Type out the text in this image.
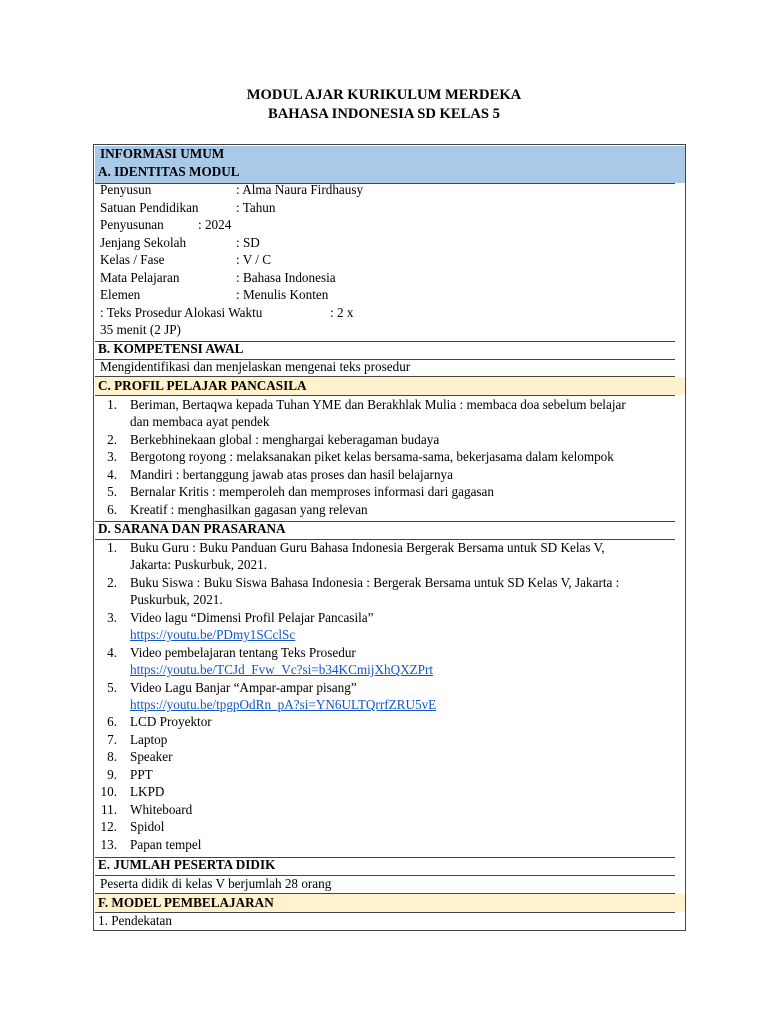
MODUL AJAR KURIKULUM MERDEKA
BAHASA INDONESIA SD KELAS 5
INFORMASI UMUM
A. IDENTITAS MODUL
Penyusun	: Alma Naura Firdhausy
Satuan Pendidikan	: Tahun
Penyusunan	: 2024
Jenjang Sekolah	: SD
Kelas / Fase	: V / C
Mata Pelajaran	: Bahasa Indonesia
Elemen	: Menulis Konten
: Teks Prosedur Alokasi Waktu	: 2 x
35 menit (2 JP)
B. KOMPETENSI AWAL
Mengidentifikasi dan menjelaskan mengenai teks prosedur
C. PROFIL PELAJAR PANCASILA
1. Beriman, Bertaqwa kepada Tuhan YME dan Berakhlak Mulia : membaca doa sebelum belajar
dan membaca ayat pendek
2. Berkebhinekaan global : menghargai keberagaman budaya
3. Bergotong royong : melaksanakan piket kelas bersama-sama, bekerjasama dalam kelompok
4. Mandiri : bertanggung jawab atas proses dan hasil belajarnya
5. Bernalar Kritis : memperoleh dan memproses informasi dari gagasan
6. Kreatif : menghasilkan gagasan yang relevan
D. SARANA DAN PRASARANA
1. Buku Guru : Buku Panduan Guru Bahasa Indonesia Bergerak Bersama untuk SD Kelas V,
Jakarta: Puskurbuk, 2021.
2. Buku Siswa : Buku Siswa Bahasa Indonesia : Bergerak Bersama untuk SD Kelas V, Jakarta :
Puskurbuk, 2021.
3. Video lagu “Dimensi Profil Pelajar Pancasila”
https://youtu.be/PDmy1SCclSc
4. Video pembelajaran tentang Teks Prosedur
https://youtu.be/TCJd_Fvw_Vc?si=b34KCmijXhQXZPrt
5. Video Lagu Banjar “Ampar-ampar pisang”
https://youtu.be/tpgpOdRn_pA?si=YN6ULTQrrfZRU5vE
6. LCD Proyektor
7. Laptop
8. Speaker
9. PPT
10. LKPD
11. Whiteboard
12. Spidol
13. Papan tempel
E. JUMLAH PESERTA DIDIK
Peserta didik di kelas V berjumlah 28 orang
F. MODEL PEMBELAJARAN
1. Pendekatan
